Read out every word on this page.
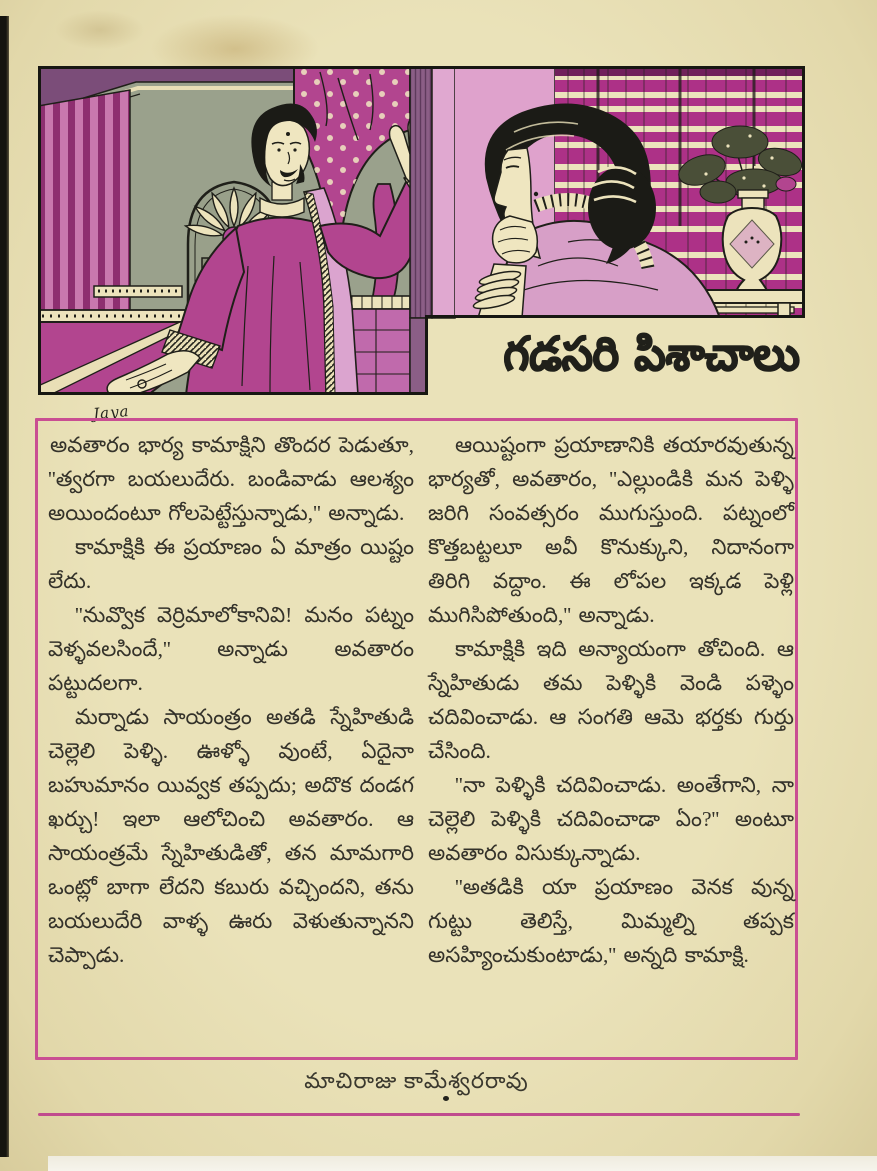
Jaya
గడసరి పిశాచాలు

అవతారం భార్య కామాక్షిని తొందర పెడుతూ, ''త్వరగా బయలుదేరు. బండివాడు ఆలశ్యం అయిందంటూ గోలపెట్టేస్తున్నాడు,'' అన్నాడు.

కామాక్షికి ఈ ప్రయాణం ఏ మాత్రం యిష్టం లేదు.

''నువ్వొక వెర్రిమాలోకానివి! మనం పట్నం వెళ్ళవలసిందే,'' అన్నాడు అవతారం పట్టుదలగా.

మర్నాడు సాయంత్రం అతడి స్నేహితుడి చెల్లెలి పెళ్ళి. ఊళ్ళో వుంటే, ఏదైనా బహుమానం యివ్వక తప్పదు; అదొక దండగ ఖర్చు! ఇలా ఆలోచించి అవతారం. ఆ సాయంత్రమే స్నేహితుడితో, తన మామగారి ఒంట్లో బాగా లేదని కబురు వచ్చిందని, తను బయలుదేరి వాళ్ళ ఊరు వెళుతున్నానని చెప్పాడు.

ఆయిష్టంగా ప్రయాణానికి తయారవుతున్న భార్యతో, అవతారం, ''ఎల్లుండికి మన పెళ్ళి జరిగి సంవత్సరం ముగుస్తుంది. పట్నంలో కొత్తబట్టలూ అవీ కొనుక్కుని, నిదానంగా తిరిగి వద్దాం. ఈ లోపల ఇక్కడ పెళ్లి ముగిసిపోతుంది,'' అన్నాడు.

కామాక్షికి ఇది అన్యాయంగా తోచింది. ఆ స్నేహితుడు తమ పెళ్ళికి వెండి పళ్ళెం చదివించాడు. ఆ సంగతి ఆమె భర్తకు గుర్తు చేసింది.

''నా పెళ్ళికి చదివించాడు. అంతేగాని, నా చెల్లెలి పెళ్ళికి చదివించాడా ఏం?'' అంటూ అవతారం విసుక్కున్నాడు.

''అతడికి యా ప్రయాణం వెనక వున్న గుట్టు తెలిస్తే, మిమ్మల్ని తప్పక అసహ్యించుకుంటాడు,'' అన్నది కామాక్షి.

మాచిరాజు కామేశ్వరరావు
